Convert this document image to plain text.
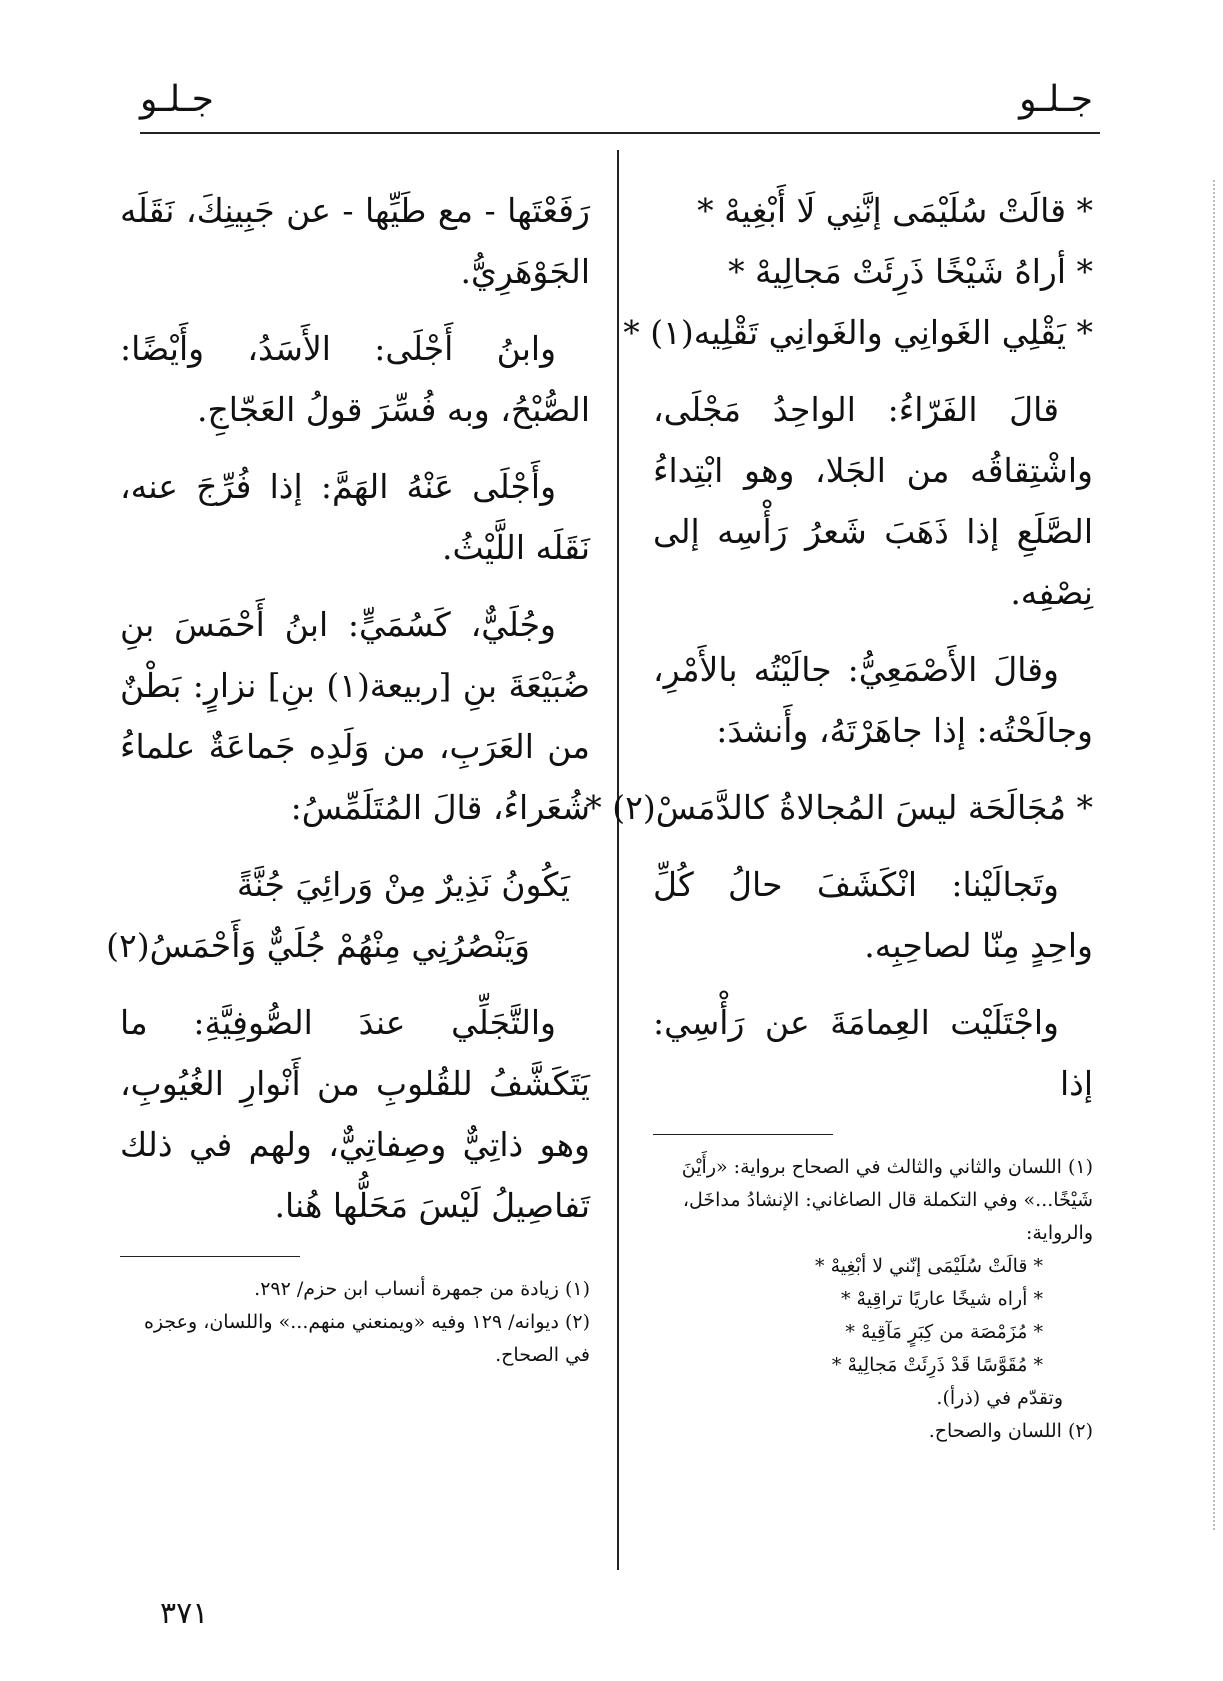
جـلـو
جـلـو

* قالَتْ سُلَيْمَى إنَّنِي لَا أَبْغِيهْ *

* أراهُ شَيْخًا ذَرِئَتْ مَجالِيهْ *

* يَقْلِي الغَوانِي والغَوانِي تَقْلِيه(١) *

قالَ الفَرّاءُ: الواحِدُ مَجْلَى، واشْتِقاقُه من الجَلا، وهو ابْتِداءُ الصَّلَعِ إذا ذَهَبَ شَعرُ رَأْسِه إلى نِصْفِه.

وقالَ الأَصْمَعِيُّ: جالَيْتُه بالأَمْرِ، وجالَحْتُه: إذا جاهَرْتَهُ، وأَنشدَ:

* مُجَالَحَة ليسَ المُجالاةُ كالدَّمَسْ(٢) *

وتَجالَيْنا: انْكَشَفَ حالُ كُلِّ واحِدٍ مِنّا لصاحِبِه.

واجْتَلَيْت العِمامَةَ عن رَأْسِي: إذا

(١) اللسان والثاني والثالث في الصحاح برواية: «رأَيْنَ شَيْخًا...» وفي التكملة قال الصاغاني: الإنشادُ مداخَل، والرواية:

* قالَتْ سُلَيْمَى إنّني لا أبْغِيهْ *

* أراه شيخًا عاريًا تراقِيهْ *

* مُزَمْصَة من كِبَرٍ مَآقِيهْ *

* مُقَوَّسًا قَدْ ذَرِئَتْ مَجالِيهْ *

وتقدّم في (ذرأ).

(٢) اللسان والصحاح.

رَفَعْتَها - مع طَيِّها - عن جَبِينِكَ، نَقَلَه الجَوْهَرِيُّ.

وابنُ أَجْلَى: الأَسَدُ، وأَيْضًا: الصُّبْحُ، وبه فُسِّرَ قولُ العَجّاجِ.

وأَجْلَى عَنْهُ الهَمَّ: إذا فُرِّجَ عنه، نَقَلَه اللَّيْثُ.

وجُلَيٌّ، كَسُمَيٍّ: ابنُ أَحْمَسَ بنِ ضُبَيْعَةَ بنِ [ربيعة(١) بنِ] نزارٍ: بَطْنٌ من العَرَبِ، من وَلَدِه جَماعَةٌ علماءُ شُعَراءُ، قالَ المُتَلَمِّسُ:

يَكُونُ نَذِيرٌ مِنْ وَرائِيَ جُنَّةً

وَيَنْصُرُنِي مِنْهُمْ جُلَيٌّ وَأَحْمَسُ(٢)

والتَّجَلِّي عندَ الصُّوفِيَّةِ: ما يَتَكَشَّفُ للقُلوبِ من أَنْوارِ الغُيُوبِ، وهو ذاتِيٌّ وصِفاتِيٌّ، ولهم في ذلك تَفاصِيلُ لَيْسَ مَحَلُّها هُنا.

(١) زيادة من جمهرة أنساب ابن حزم/ ٢٩٢.

(٢) ديوانه/ ١٢٩ وفيه «ويمنعني منهم...» واللسان، وعجزه في الصحاح.

٣٧١
